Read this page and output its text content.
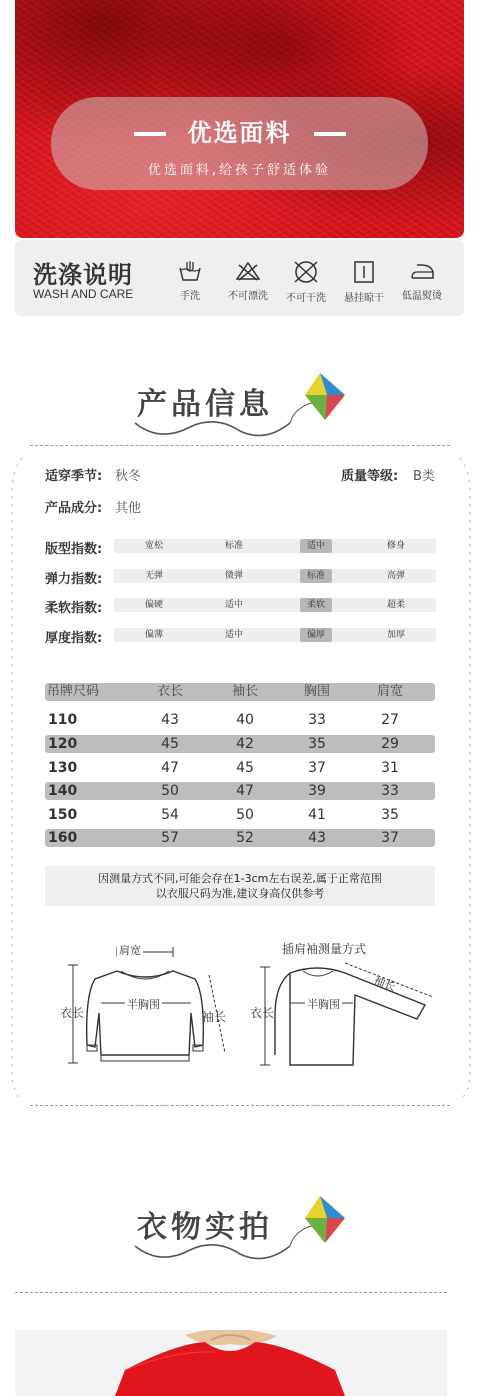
优选面料
优选面料,给孩子舒适体验
洗涤说明
WASH AND CARE	手洗	不可漂洗	不可干洗	悬挂晾干	低温熨烫
产品信息
适穿季节: 秋冬	质量等级: B类
产品成分: 其他
版型指数:	宽松	标准	适中	修身
弹力指数:	无弹	微弹	标准	高弹
柔软指数:	偏硬	适中	柔软	超柔
厚度指数:	偏薄	适中	偏厚	加厚
吊牌尺码	衣长	袖长	胸围	肩宽
110	43	40	33	27
120	45	42	35	29
130	47	45	37	31
140	50	47	39	33
150	54	50	41	35
160	57	52	43	37
因测量方式不同,可能会存在1-3cm左右误差,属于正常范围
以衣服尺码为准,建议身高仅供参考
肩宽
半胸围
衣长	袖长
插肩袖测量方式
半胸围
衣长
袖长
衣物实拍
